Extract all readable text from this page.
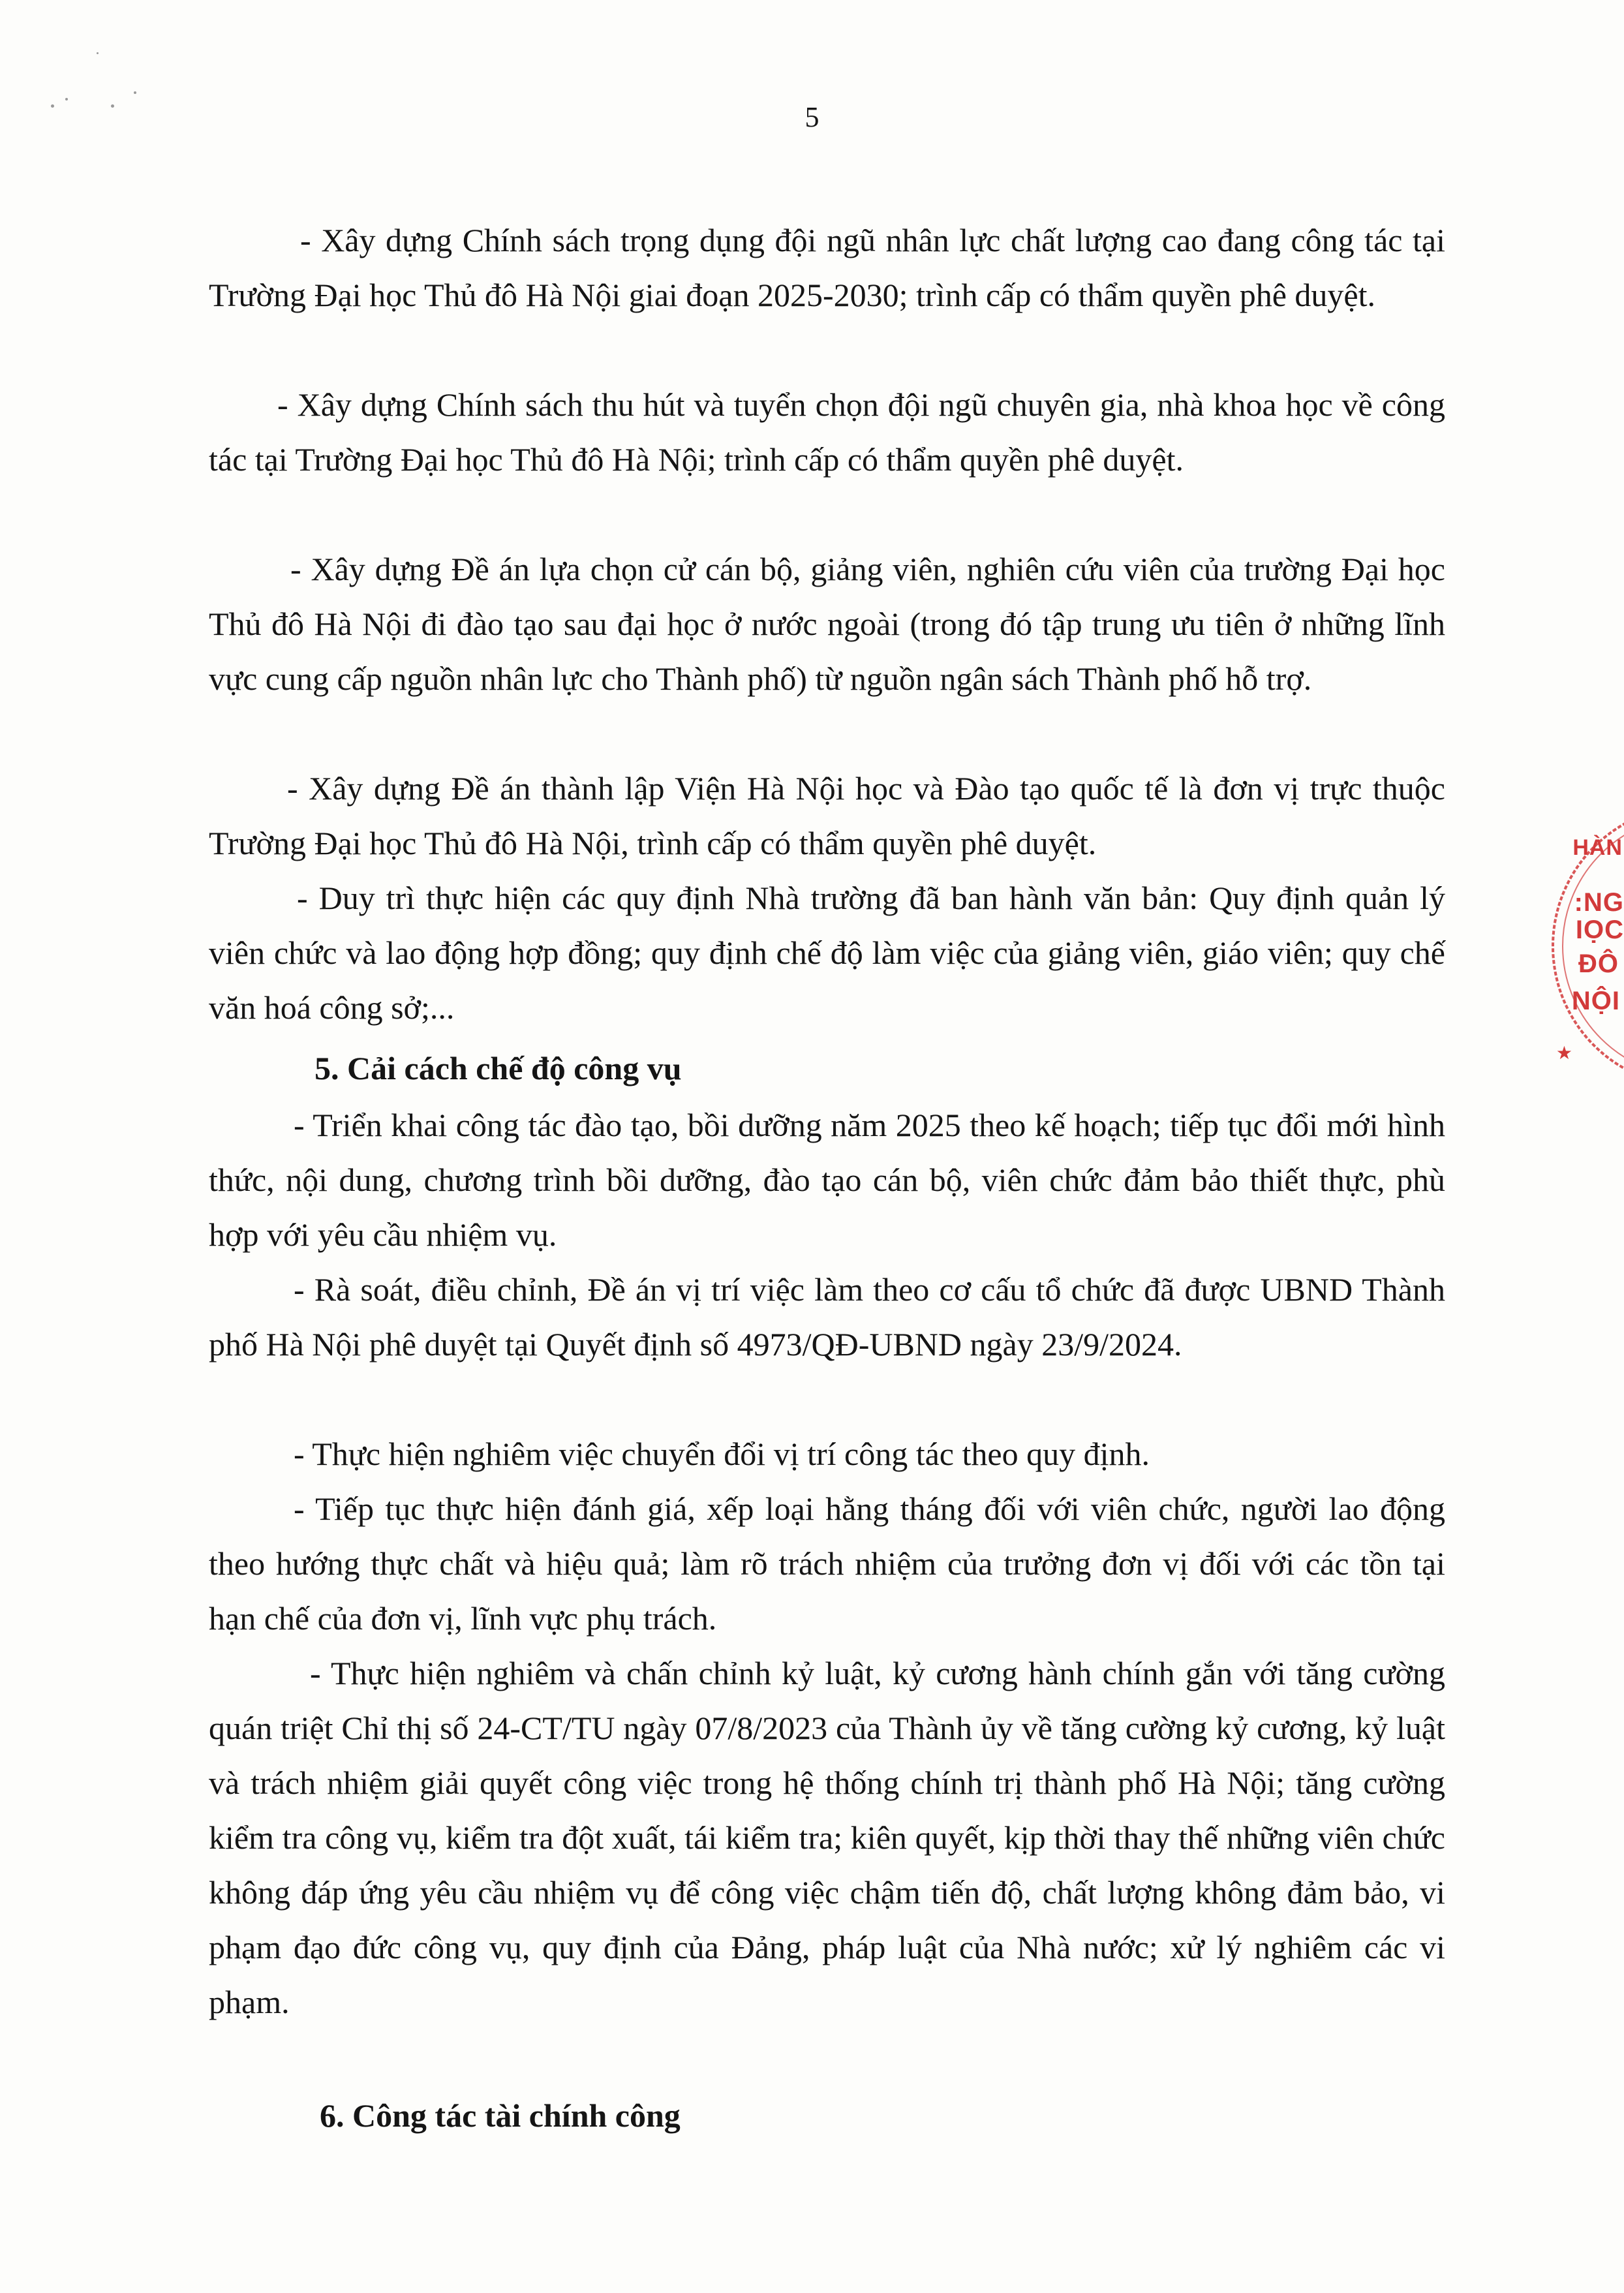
5

- Xây dựng Chính sách trọng dụng đội ngũ nhân lực chất lượng cao đang công tác tại Trường Đại học Thủ đô Hà Nội giai đoạn 2025-2030; trình cấp có thẩm quyền phê duyệt.

- Xây dựng Chính sách thu hút và tuyển chọn đội ngũ chuyên gia, nhà khoa học về công tác tại Trường Đại học Thủ đô Hà Nội; trình cấp có thẩm quyền phê duyệt.

- Xây dựng Đề án lựa chọn cử cán bộ, giảng viên, nghiên cứu viên của trường Đại học Thủ đô Hà Nội đi đào tạo sau đại học ở nước ngoài (trong đó tập trung ưu tiên ở những lĩnh vực cung cấp nguồn nhân lực cho Thành phố) từ nguồn ngân sách Thành phố hỗ trợ.

- Xây dựng Đề án thành lập Viện Hà Nội học và Đào tạo quốc tế là đơn vị trực thuộc Trường Đại học Thủ đô Hà Nội, trình cấp có thẩm quyền phê duyệt.

- Duy trì thực hiện các quy định Nhà trường đã ban hành văn bản: Quy định quản lý viên chức và lao động hợp đồng; quy định chế độ làm việc của giảng viên, giáo viên; quy chế văn hoá công sở;...

5. Cải cách chế độ công vụ

- Triển khai công tác đào tạo, bồi dưỡng năm 2025 theo kế hoạch; tiếp tục đổi mới hình thức, nội dung, chương trình bồi dưỡng, đào tạo cán bộ, viên chức đảm bảo thiết thực, phù hợp với yêu cầu nhiệm vụ.

- Rà soát, điều chỉnh, Đề án vị trí việc làm theo cơ cấu tổ chức đã được UBND Thành phố Hà Nội phê duyệt tại Quyết định số 4973/QĐ-UBND ngày 23/9/2024.

- Thực hiện nghiêm việc chuyển đổi vị trí công tác theo quy định.

- Tiếp tục thực hiện đánh giá, xếp loại hằng tháng đối với viên chức, người lao động theo hướng thực chất và hiệu quả; làm rõ trách nhiệm của trưởng đơn vị đối với các tồn tại hạn chế của đơn vị, lĩnh vực phụ trách.

- Thực hiện nghiêm và chấn chỉnh kỷ luật, kỷ cương hành chính gắn với tăng cường quán triệt Chỉ thị số 24-CT/TU ngày 07/8/2023 của Thành ủy về tăng cường kỷ cương, kỷ luật và trách nhiệm giải quyết công việc trong hệ thống chính trị thành phố Hà Nội; tăng cường kiểm tra công vụ, kiểm tra đột xuất, tái kiểm tra; kiên quyết, kịp thời thay thế những viên chức không đáp ứng yêu cầu nhiệm vụ để công việc chậm tiến độ, chất lượng không đảm bảo, vi phạm đạo đức công vụ, quy định của Đảng, pháp luật của Nhà nước; xử lý nghiêm các vi phạm.

6. Công tác tài chính công
HÀN
:NG
IỌC
ĐÔ
NỘI
★
